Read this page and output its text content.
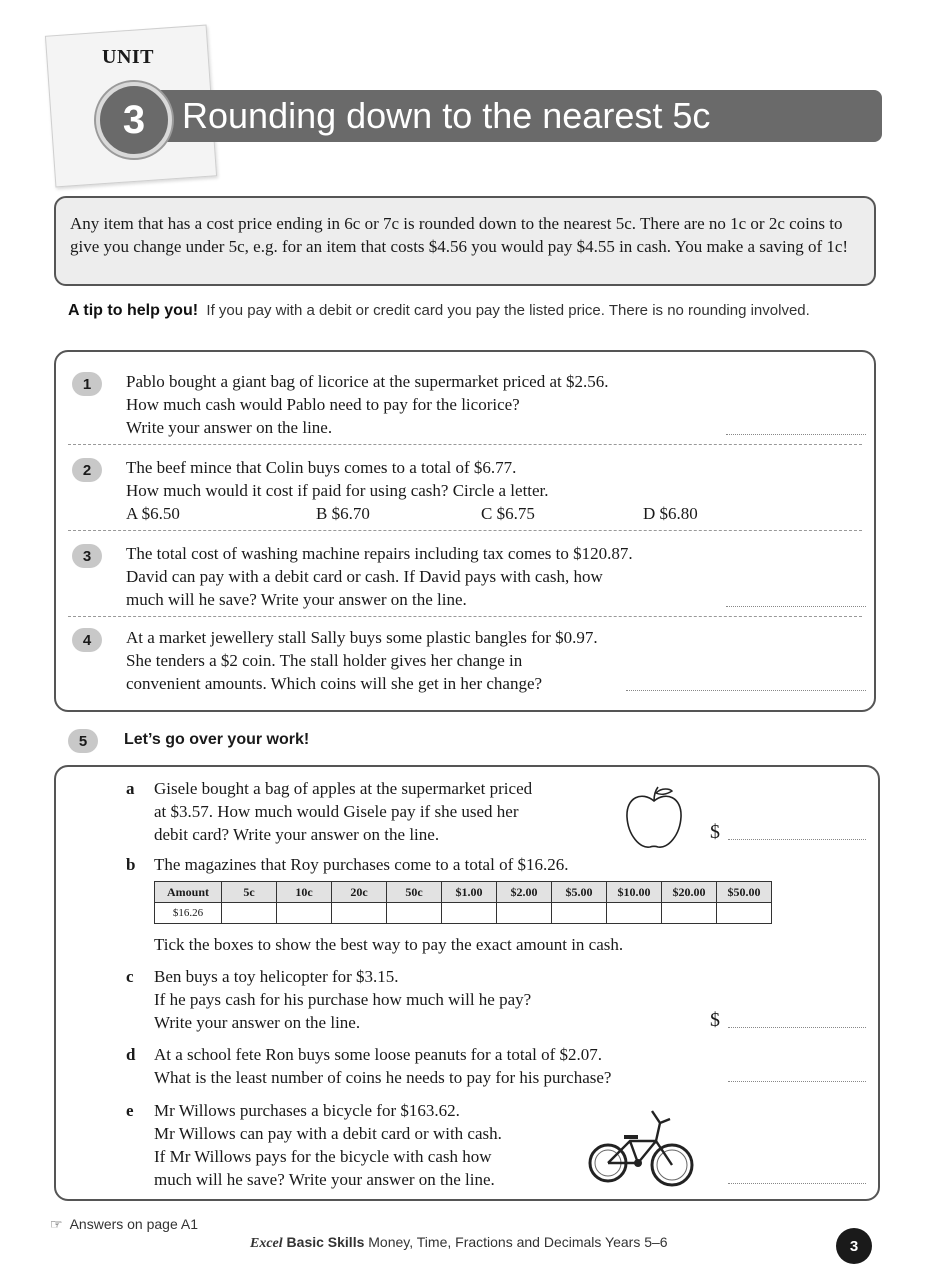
UNIT
Rounding down to the nearest 5c
3
Any item that has a cost price ending in 6c or 7c is rounded down to the nearest 5c. There are no 1c or 2c coins to give you change under 5c, e.g. for an item that costs $4.56 you would pay $4.55 in cash. You make a saving of 1c!
A tip to help you! If you pay with a debit or credit card you pay the listed price. There is no rounding involved.
1	Pablo bought a giant bag of licorice at the supermarket priced at $2.56.
How much cash would Pablo need to pay for the licorice?
Write your answer on the line.
2	The beef mince that Colin buys comes to a total of $6.77.
How much would it cost if paid for using cash? Circle a letter.
A $6.50	B $6.70	C $6.75	D $6.80
3	The total cost of washing machine repairs including tax comes to $120.87.
David can pay with a debit card or cash. If David pays with cash, how
much will he save? Write your answer on the line.
4	At a market jewellery stall Sally buys some plastic bangles for $0.97.
She tenders a $2 coin. The stall holder gives her change in
convenient amounts. Which coins will she get in her change?
5	Let’s go over your work!
a Gisele bought a bag of apples at the supermarket priced
at $3.57. How much would Gisele pay if she used her
debit card? Write your answer on the line.	$
b The magazines that Roy purchases come to a total of $16.26.
Amount	5c	10c	20c	50c	$1.00	$2.00	$5.00	$10.00	$20.00	$50.00
$16.26										
Tick the boxes to show the best way to pay the exact amount in cash.
c Ben buys a toy helicopter for $3.15.
If he pays cash for his purchase how much will he pay?
Write your answer on the line.	$
d At a school fete Ron buys some loose peanuts for a total of $2.07.
What is the least number of coins he needs to pay for his purchase?
e Mr Willows purchases a bicycle for $163.62.
Mr Willows can pay with a debit card or with cash.
If Mr Willows pays for the bicycle with cash how
much will he save? Write your answer on the line.
☞ Answers on page A1
Excel Basic Skills Money, Time, Fractions and Decimals Years 5–6	3
